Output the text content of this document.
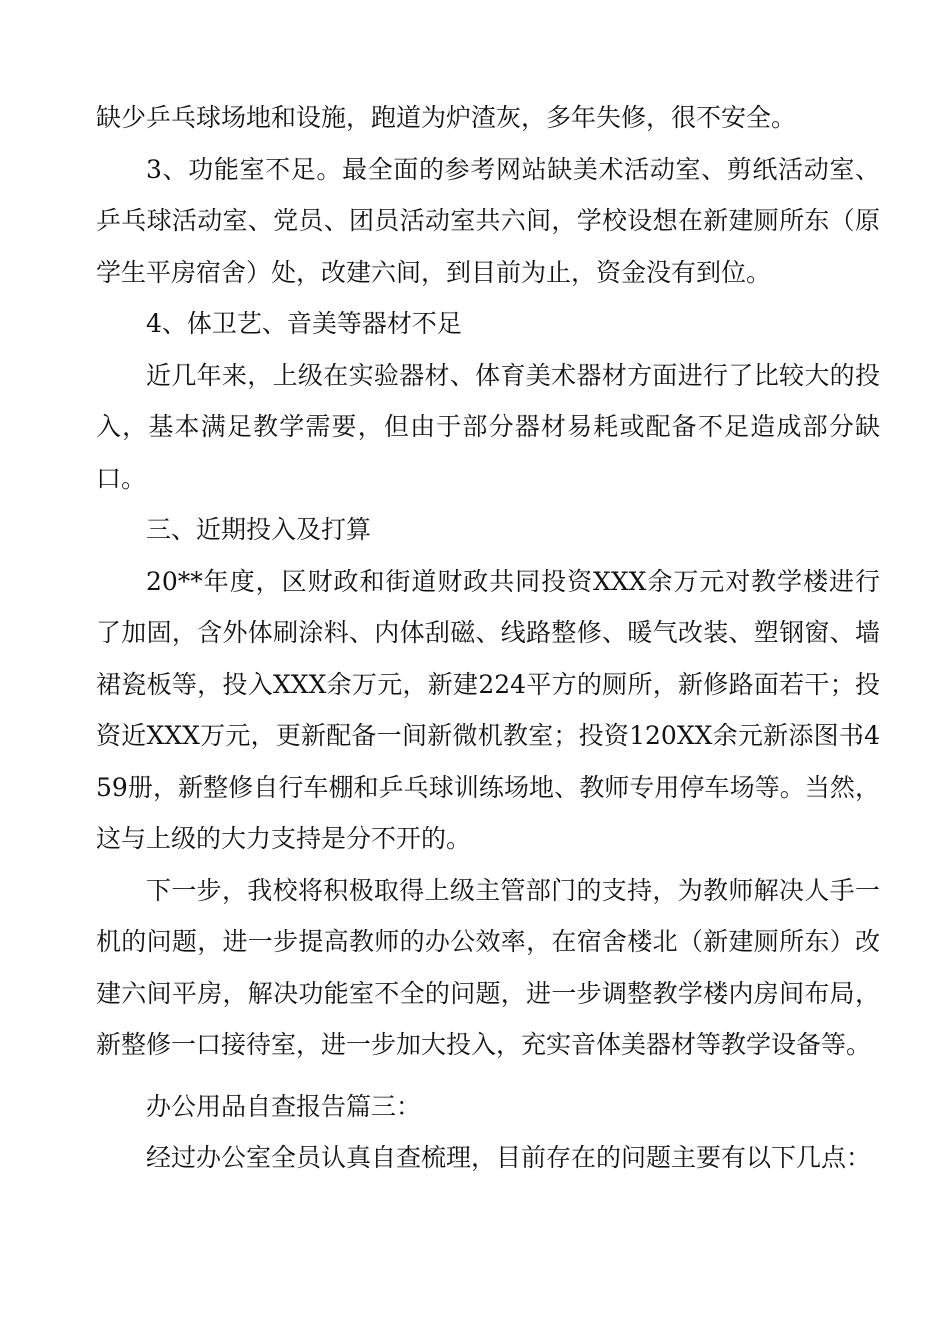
缺少乒乓球场地和设施，跑道为炉渣灰，多年失修，很不安全。

3、功能室不足。最全面的参考网站缺美术活动室、剪纸活动室、乒乓球活动室、党员、团员活动室共六间，学校设想在新建厕所东（原学生平房宿舍）处，改建六间，到目前为止，资金没有到位。

4、体卫艺、音美等器材不足

近几年来，上级在实验器材、体育美术器材方面进行了比较大的投入，基本满足教学需要，但由于部分器材易耗或配备不足造成部分缺口。

三、近期投入及打算

20**年度，区财政和街道财政共同投资XXX余万元对教学楼进行了加固，含外体刷涂料、内体刮磁、线路整修、暖气改装、塑钢窗、墙裙瓷板等，投入XXX余万元，新建224平方的厕所，新修路面若干；投资近XXX万元，更新配备一间新微机教室；投资120XX余元新添图书459册，新整修自行车棚和乒乓球训练场地、教师专用停车场等。当然，这与上级的大力支持是分不开的。

下一步，我校将积极取得上级主管部门的支持，为教师解决人手一机的问题，进一步提高教师的办公效率，在宿舍楼北（新建厕所东）改建六间平房，解决功能室不全的问题，进一步调整教学楼内房间布局，新整修一口接待室，进一步加大投入，充实音体美器材等教学设备等。

办公用品自查报告篇三：

经过办公室全员认真自查梳理，目前存在的问题主要有以下几点：
